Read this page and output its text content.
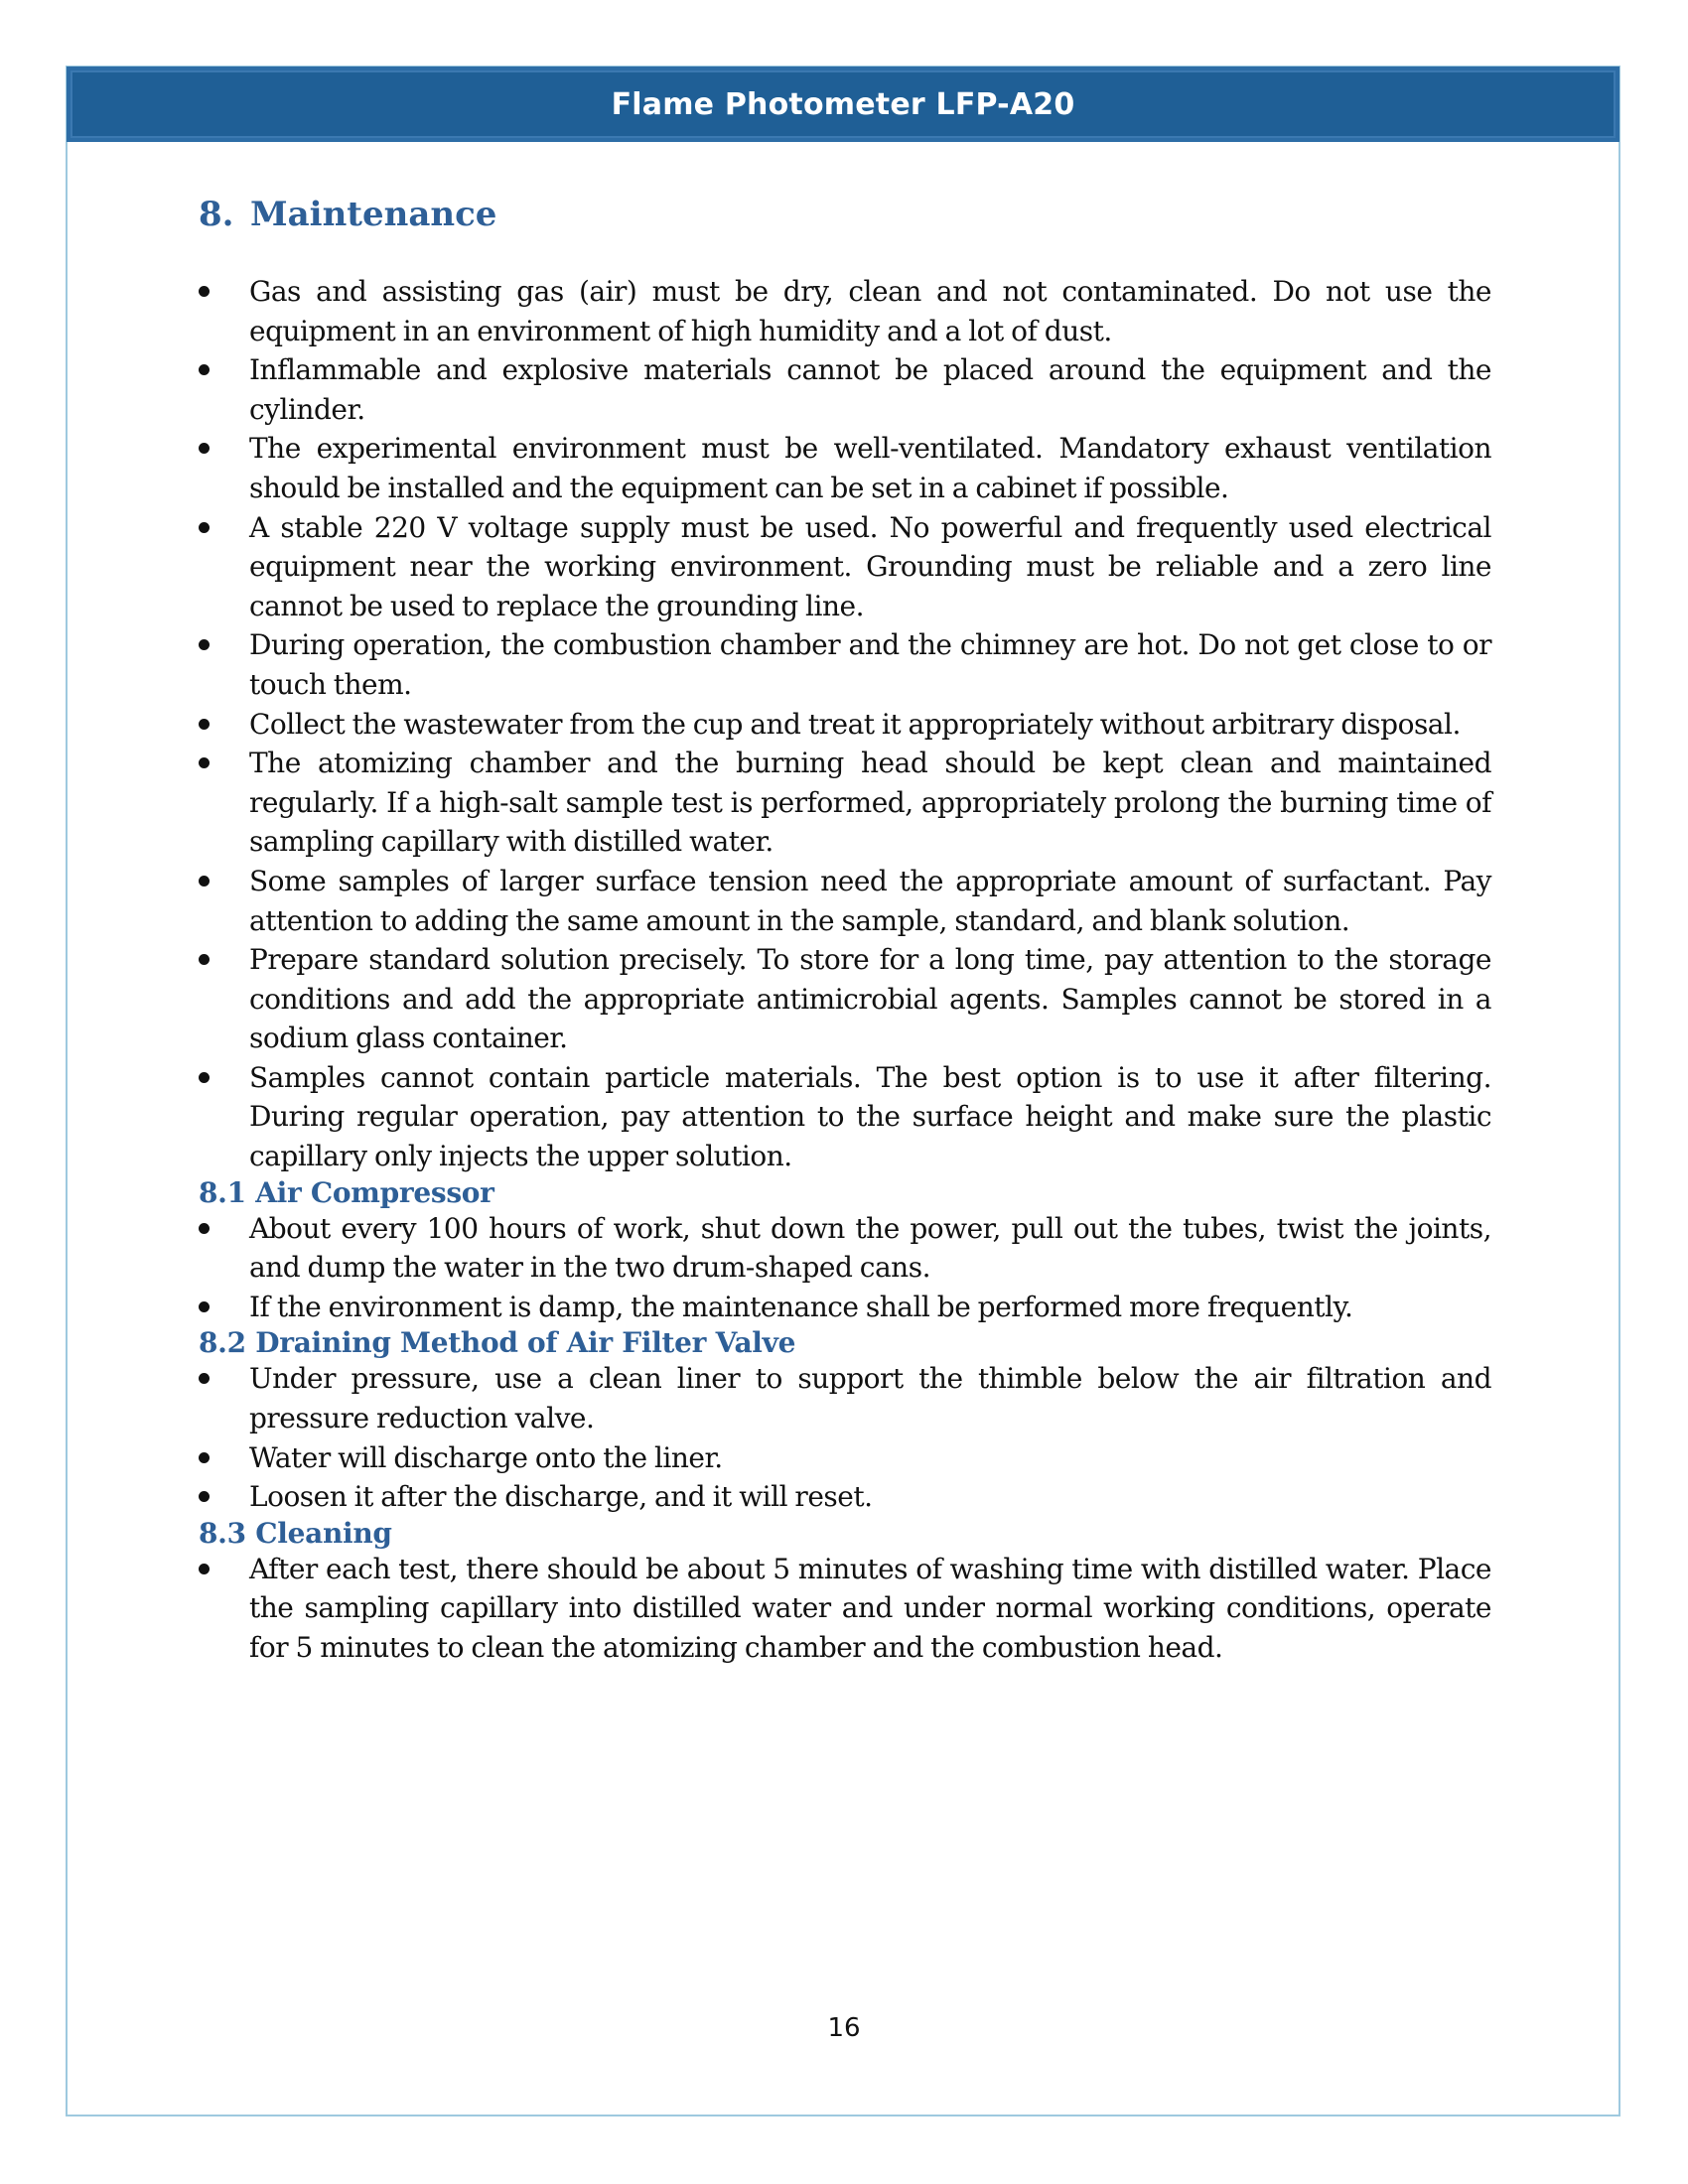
Flame Photometer LFP-A20
8. Maintenance
Gas and assisting gas (air) must be dry, clean and not contaminated. Do not use the equipment in an environment of high humidity and a lot of dust.
Inflammable and explosive materials cannot be placed around the equipment and the cylinder.
The experimental environment must be well-ventilated. Mandatory exhaust ventilation should be installed and the equipment can be set in a cabinet if possible.
A stable 220 V voltage supply must be used. No powerful and frequently used electrical equipment near the working environment. Grounding must be reliable and a zero line cannot be used to replace the grounding line.
During operation, the combustion chamber and the chimney are hot. Do not get close to or touch them.
Collect the wastewater from the cup and treat it appropriately without arbitrary disposal.
The atomizing chamber and the burning head should be kept clean and maintained regularly. If a high-salt sample test is performed, appropriately prolong the burning time of sampling capillary with distilled water.
Some samples of larger surface tension need the appropriate amount of surfactant. Pay attention to adding the same amount in the sample, standard, and blank solution.
Prepare standard solution precisely. To store for a long time, pay attention to the storage conditions and add the appropriate antimicrobial agents. Samples cannot be stored in a sodium glass container.
Samples cannot contain particle materials. The best option is to use it after filtering. During regular operation, pay attention to the surface height and make sure the plastic capillary only injects the upper solution.
8.1 Air Compressor
About every 100 hours of work, shut down the power, pull out the tubes, twist the joints, and dump the water in the two drum-shaped cans.
If the environment is damp, the maintenance shall be performed more frequently.
8.2 Draining Method of Air Filter Valve
Under pressure, use a clean liner to support the thimble below the air filtration and pressure reduction valve.
Water will discharge onto the liner.
Loosen it after the discharge, and it will reset.
8.3 Cleaning
After each test, there should be about 5 minutes of washing time with distilled water. Place the sampling capillary into distilled water and under normal working conditions, operate for 5 minutes to clean the atomizing chamber and the combustion head.
16
